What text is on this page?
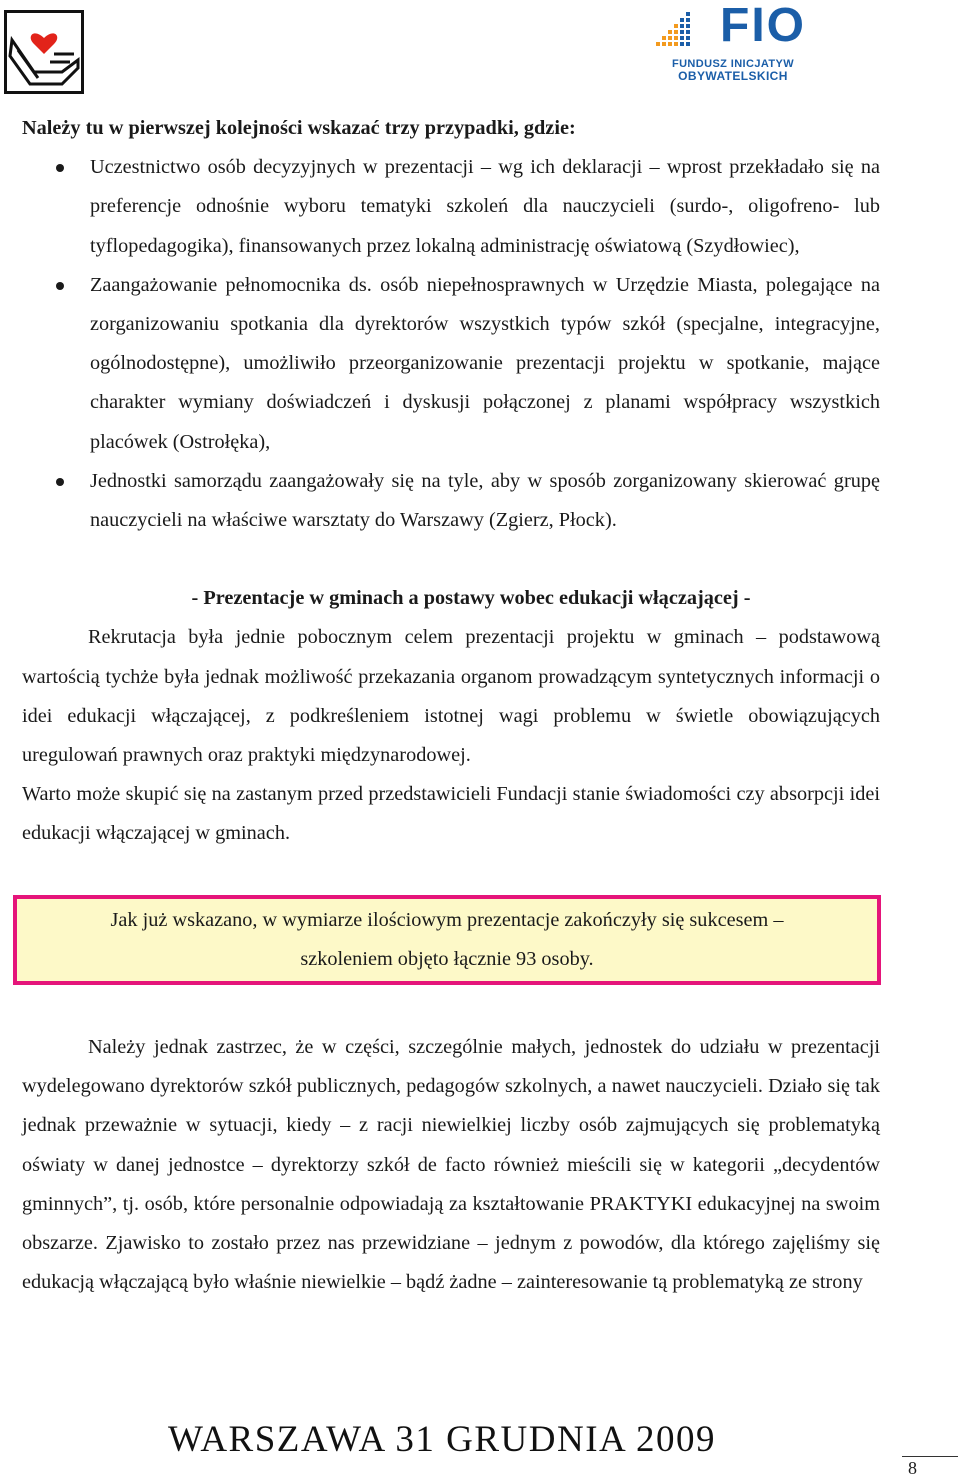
FIO
FUNDUSZ INICJATYW
OBYWATELSKICH

Należy tu w pierwszej kolejności wskazać trzy przypadki, gdzie:

Uczestnictwo osób decyzyjnych w prezentacji – wg ich deklaracji – wprost przekładało się na preferencje odnośnie wyboru tematyki szkoleń dla nauczycieli (surdo-, oligofreno- lub tyflopedagogika), finansowanych przez lokalną administrację oświatową (Szydłowiec),
Zaangażowanie pełnomocnika ds. osób niepełnosprawnych w Urzędzie Miasta, polegające na zorganizowaniu spotkania dla dyrektorów wszystkich typów szkół (specjalne, integracyjne, ogólnodostępne), umożliwiło przeorganizowanie prezentacji projektu w spotkanie, mające charakter wymiany doświadczeń i dyskusji połączonej z planami współpracy wszystkich placówek (Ostrołęka),
Jednostki samorządu zaangażowały się na tyle, aby w sposób zorganizowany skierować grupę nauczycieli na właściwe warsztaty do Warszawy (Zgierz, Płock).

- Prezentacje w gminach a postawy wobec edukacji włączającej -

Rekrutacja była jednie pobocznym celem prezentacji projektu w gminach – podstawową wartością tychże była jednak możliwość przekazania organom prowadzącym syntetycznych informacji o idei edukacji włączającej, z podkreśleniem istotnej wagi problemu w świetle obowiązujących uregulowań prawnych oraz praktyki międzynarodowej.

Warto może skupić się na zastanym przed przedstawicieli Fundacji stanie świadomości czy absorpcji idei edukacji włączającej w gminach.

Jak już wskazano, w wymiarze ilościowym prezentacje zakończyły się sukcesem –
szkoleniem objęto łącznie 93 osoby.

Należy jednak zastrzec, że w części, szczególnie małych, jednostek do udziału w prezentacji wydelegowano dyrektorów szkół publicznych, pedagogów szkolnych, a nawet nauczycieli. Działo się tak jednak przeważnie w sytuacji, kiedy – z racji niewielkiej liczby osób zajmujących się problematyką oświaty w danej jednostce – dyrektorzy szkół de facto również mieścili się w kategorii „decydentów gminnych”, tj. osób, które personalnie odpowiadają za kształtowanie PRAKTYKI edukacyjnej na swoim obszarze. Zjawisko to zostało przez nas przewidziane – jednym z powodów, dla którego zajęliśmy się edukacją włączającą było właśnie niewielkie – bądź żadne – zainteresowanie tą problematyką ze strony

WARSZAWA 31 GRUDNIA 2009
8
